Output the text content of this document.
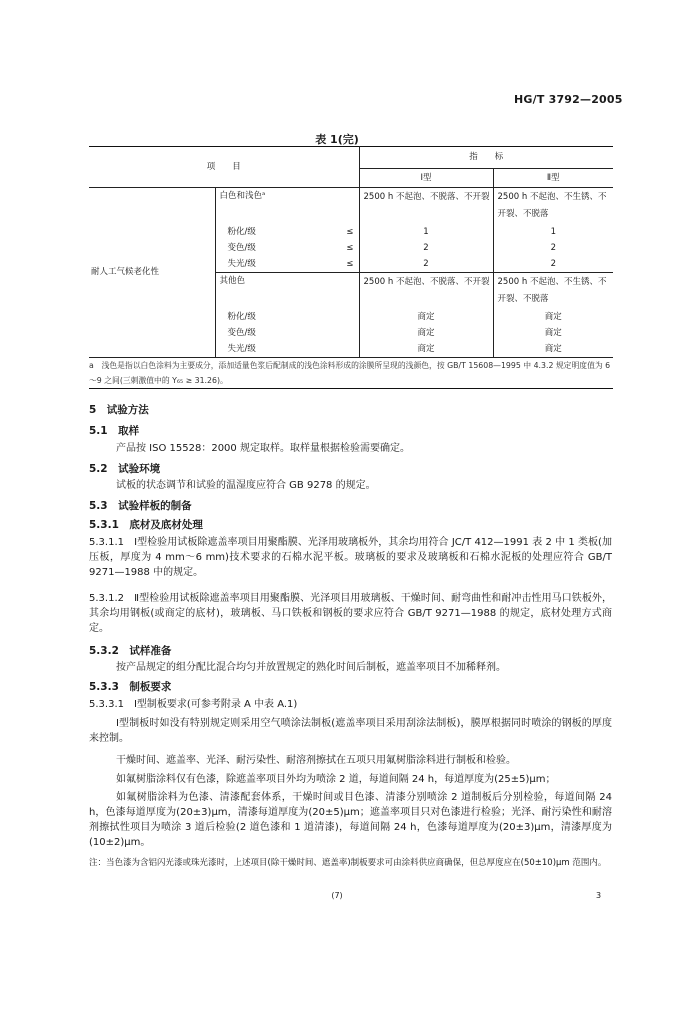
HG/T 3792—2005
表 1(完)
项　　目			指　　标	
			Ⅰ型	Ⅱ型
耐人工气候老化性	白色和浅色ᵃ		2500 h 不起泡、不脱落、不开裂	2500 h 不起泡、不生锈、不开裂、不脱落
	粉化/级	≤	1	1
	变色/级	≤	2	2
	失光/级	≤	2	2
	其他色		2500 h 不起泡、不脱落、不开裂	2500 h 不起泡、不生锈、不开裂、不脱落
	粉化/级		商定	商定
	变色/级		商定	商定
	失光/级		商定	商定
a　浅色是指以白色涂料为主要成分，添加适量色浆后配制成的浅色涂料形成的涂膜所呈现的浅颜色，按 GB/T 15608—1995 中 4.3.2 规定明度值为 6～9 之间(三刺激值中的 Y₆₅ ≥ 31.26)。				
5　试验方法
5.1　取样
产品按 ISO 15528：2000 规定取样。取样量根据检验需要确定。
5.2　试验环境
试板的状态调节和试验的温湿度应符合 GB 9278 的规定。
5.3　试验样板的制备
5.3.1　底材及底材处理
5.3.1.1　Ⅰ型检验用试板除遮盖率项目用聚酯膜、光泽用玻璃板外，其余均用符合 JC/T 412—1991 表 2 中 1 类板(加压板，厚度为 4 mm～6 mm)技术要求的石棉水泥平板。玻璃板的要求及玻璃板和石棉水泥板的处理应符合 GB/T 9271—1988 中的规定。
5.3.1.2　Ⅱ型检验用试板除遮盖率项目用聚酯膜、光泽项目用玻璃板、干燥时间、耐弯曲性和耐冲击性用马口铁板外，其余均用钢板(或商定的底材)，玻璃板、马口铁板和钢板的要求应符合 GB/T 9271—1988 的规定，底材处理方式商定。
5.3.2　试样准备
按产品规定的组分配比混合均匀并放置规定的熟化时间后制板，遮盖率项目不加稀释剂。
5.3.3　制板要求
5.3.3.1　Ⅰ型制板要求(可参考附录 A 中表 A.1)
Ⅰ型制板时如没有特别规定则采用空气喷涂法制板(遮盖率项目采用刮涂法制板)，膜厚根据同时喷涂的钢板的厚度来控制。
干燥时间、遮盖率、光泽、耐污染性、耐溶剂擦拭在五项只用氟树脂涂料进行制板和检验。
如氟树脂涂料仅有色漆，除遮盖率项目外均为喷涂 2 道，每道间隔 24 h，每道厚度为(25±5)μm；
如氟树脂涂料为色漆、清漆配套体系，干燥时间或目色漆、清漆分别喷涂 2 道制板后分别检验，每道间隔 24 h，色漆每道厚度为(20±3)μm，清漆每道厚度为(20±5)μm；遮盖率项目只对色漆进行检验；光泽、耐污染性和耐溶剂擦拭性项目为喷涂 3 道后检验(2 道色漆和 1 道清漆)，每道间隔 24 h，色漆每道厚度为(20±3)μm，清漆厚度为(10±2)μm。
注：当色漆为含铝闪光漆或珠光漆时，上述项目(除干燥时间、遮盖率)制板要求可由涂料供应商确保，但总厚度应在(50±10)μm 范围内。
(7)	3
